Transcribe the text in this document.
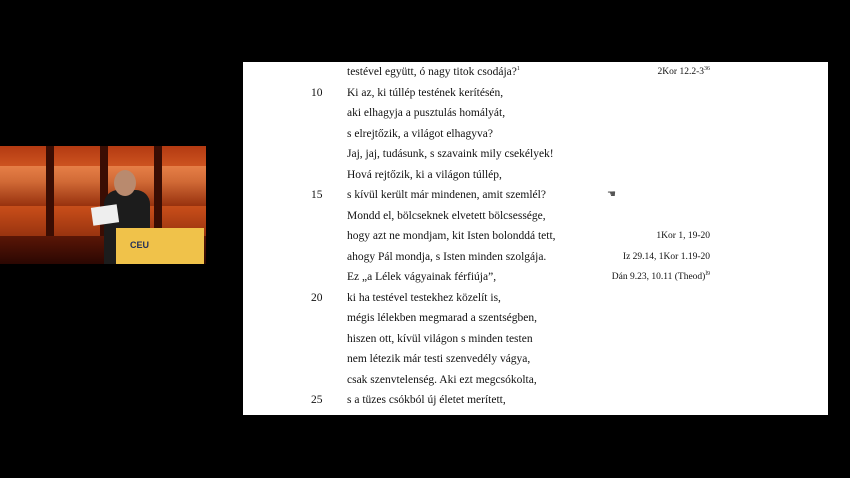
CEU
testével együtt, ó nagy titok csodája?$^1$	2Kor $12.2-3^{36}$
10	Ki az, ki túllép testének kerítésén,
aki elhagyja a pusztulás homályát,
s elrejtőzik, a világot elhagyva?
Jaj, jaj, tudásunk, s szavaink mily csekélyek!
Hová rejtőzik, ki a világon túllép,
15	s kívül került már mindenen, amit szemlél?
Mondd el, bölcseknek elvetett bölcsessége,
hogy azt ne mondjam, kit Isten bolonddá tett,	1Kor 1, 19-20
ahogy Pál mondja, s Isten minden szolgája.	Iz 29.14, 1Kor 1.19-20
Ez „a Lélek vágyainak férfiúja”,	Dán 9.23, 10.11 (Theod)$^{l9}$
20	ki ha testével testekhez közelít is,
mégis lélekben megmarad a szentségben,
hiszen ott, kívül világon s minden testen
nem létezik már testi szenvedély vágya,
csak szenvtelenség. Aki ezt megcsókolta,
25	s a tüzes csókból új életet merített,
☚
